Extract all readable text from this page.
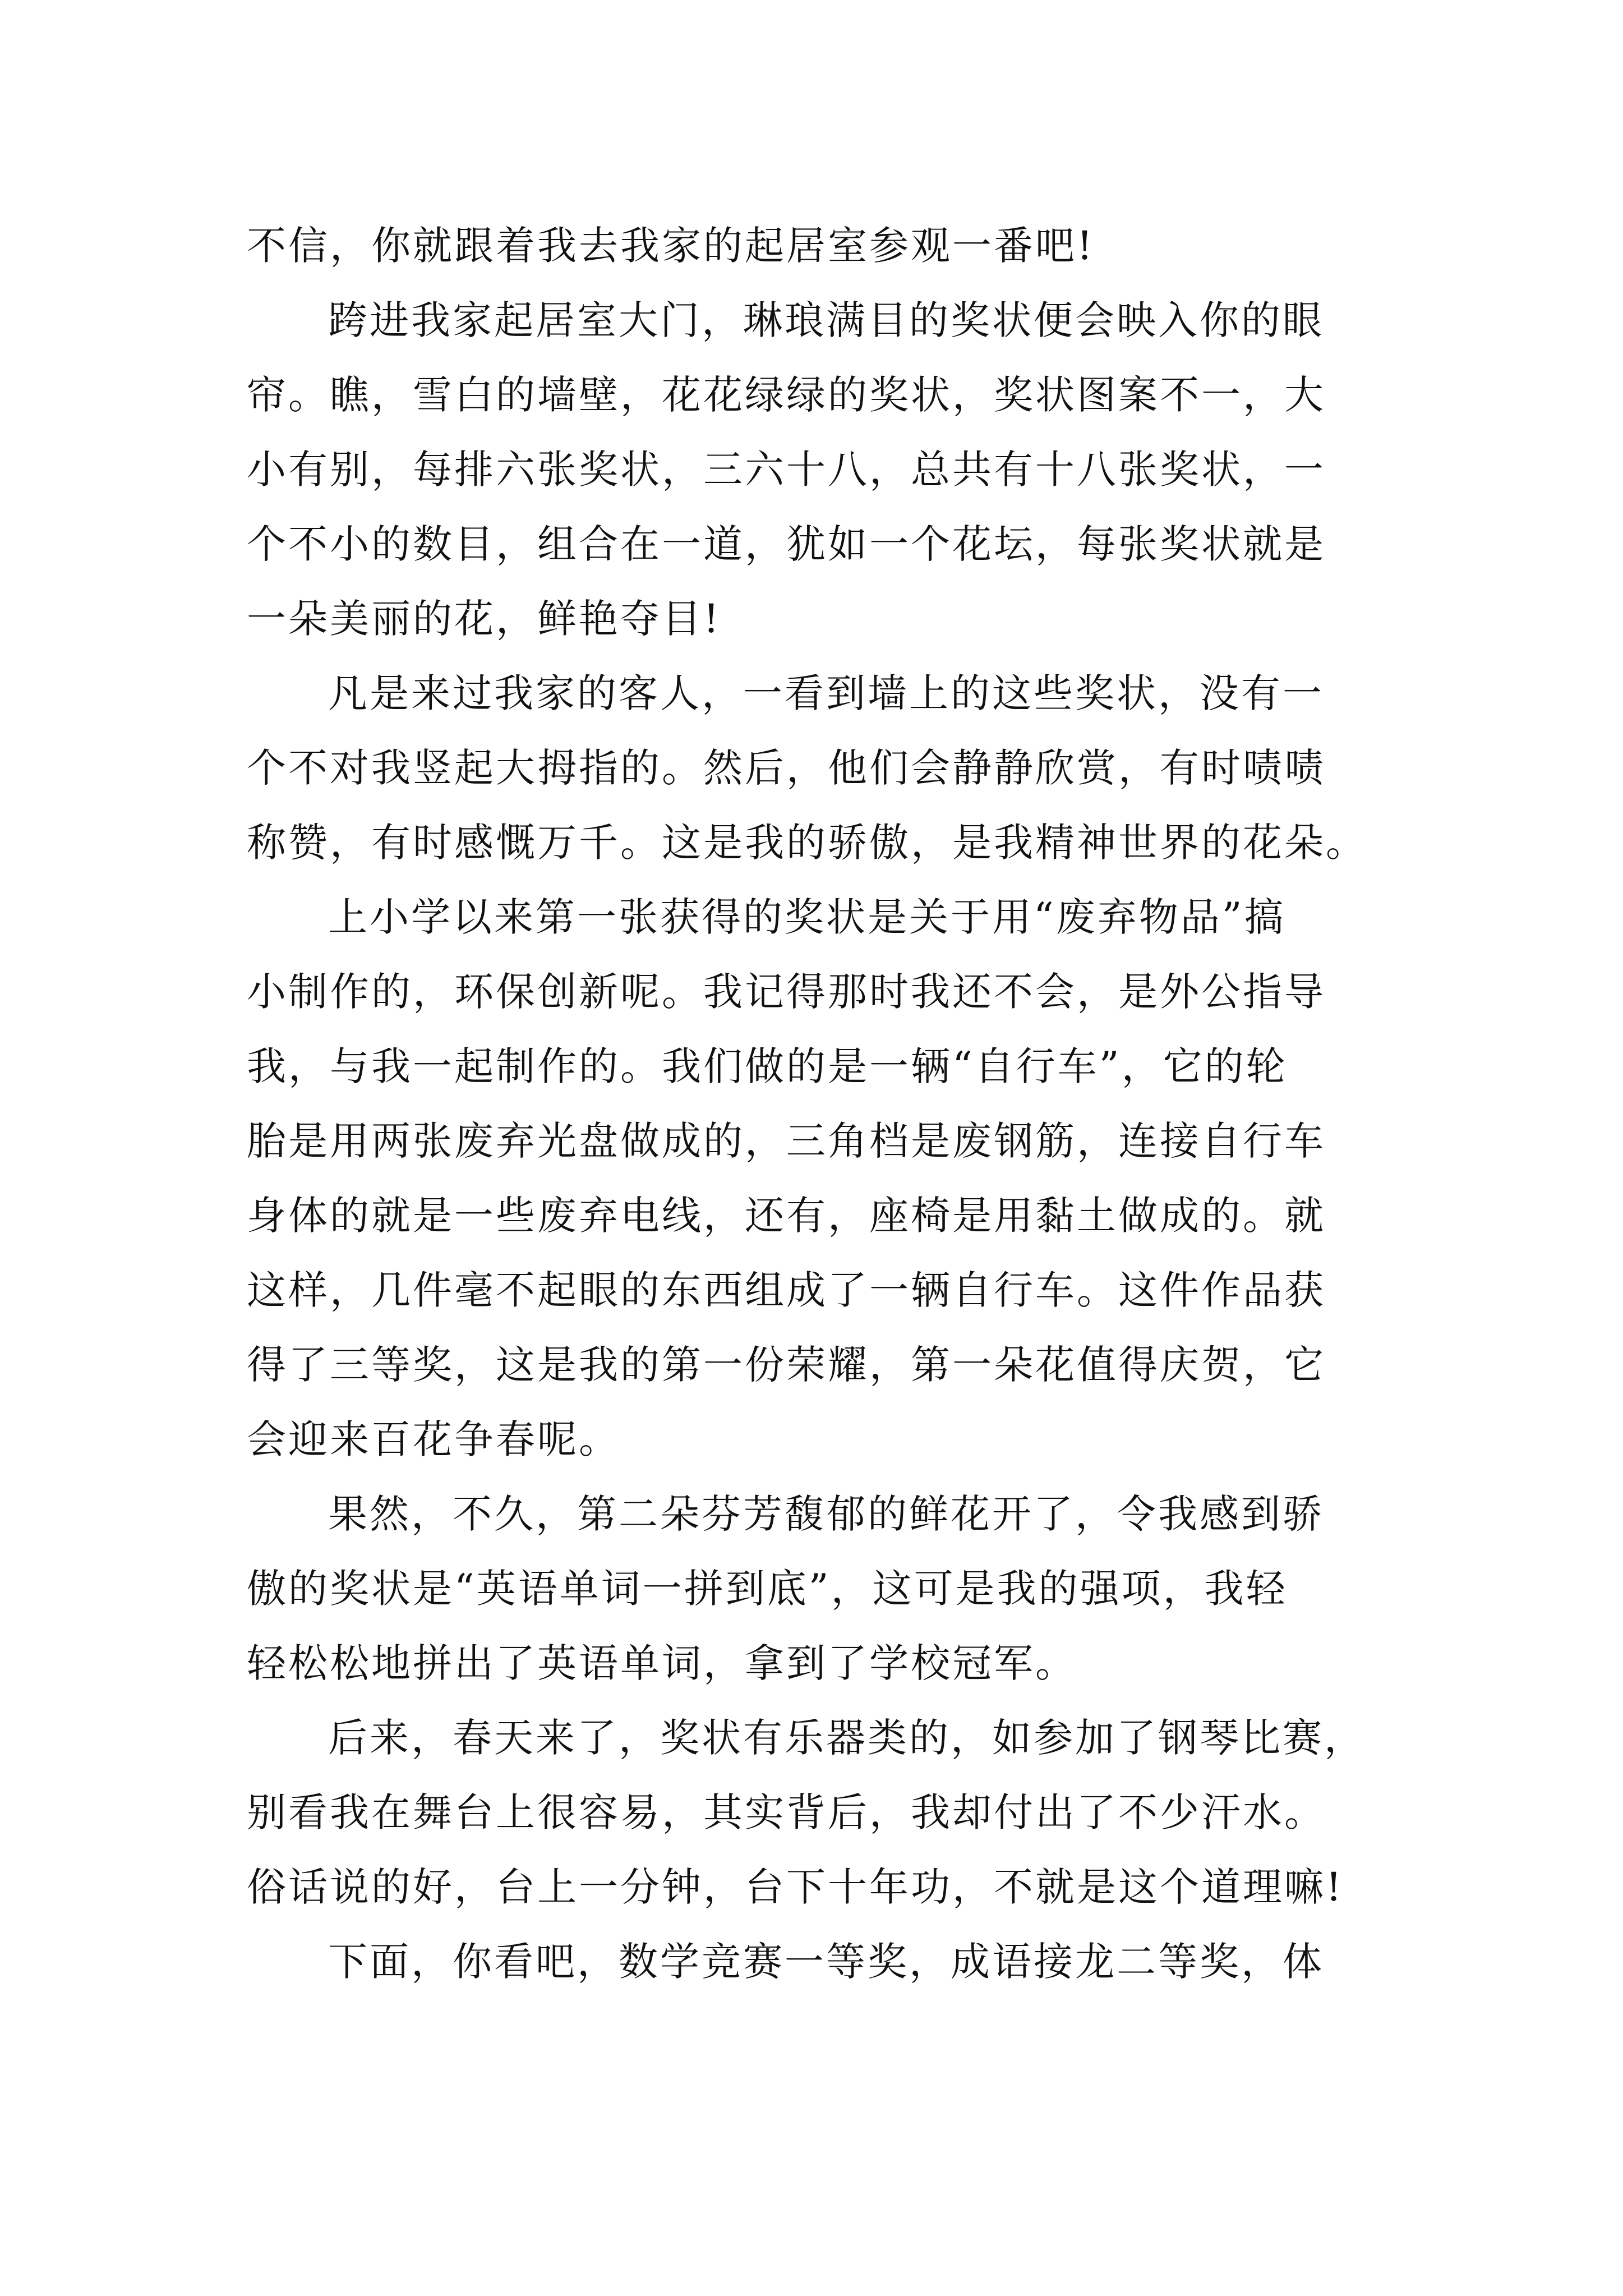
不信，你就跟着我去我家的起居室参观一番吧!
跨进我家起居室大门，琳琅满目的奖状便会映入你的眼
帘。瞧，雪白的墙壁，花花绿绿的奖状，奖状图案不一，大
小有别，每排六张奖状，三六十八，总共有十八张奖状，一
个不小的数目，组合在一道，犹如一个花坛，每张奖状就是
一朵美丽的花，鲜艳夺目!
凡是来过我家的客人，一看到墙上的这些奖状，没有一
个不对我竖起大拇指的。然后，他们会静静欣赏，有时啧啧
称赞，有时感慨万千。这是我的骄傲，是我精神世界的花朵。
上小学以来第一张获得的奖状是关于用“废弃物品”搞
小制作的，环保创新呢。我记得那时我还不会，是外公指导
我，与我一起制作的。我们做的是一辆“自行车”，它的轮
胎是用两张废弃光盘做成的，三角档是废钢筋，连接自行车
身体的就是一些废弃电线，还有，座椅是用黏土做成的。就
这样，几件毫不起眼的东西组成了一辆自行车。这件作品获
得了三等奖，这是我的第一份荣耀，第一朵花值得庆贺，它
会迎来百花争春呢。
果然，不久，第二朵芬芳馥郁的鲜花开了，令我感到骄
傲的奖状是“英语单词一拼到底”，这可是我的强项，我轻
轻松松地拼出了英语单词，拿到了学校冠军。
后来，春天来了，奖状有乐器类的，如参加了钢琴比赛，
别看我在舞台上很容易，其实背后，我却付出了不少汗水。
俗话说的好，台上一分钟，台下十年功，不就是这个道理嘛!
下面，你看吧，数学竞赛一等奖，成语接龙二等奖，体
